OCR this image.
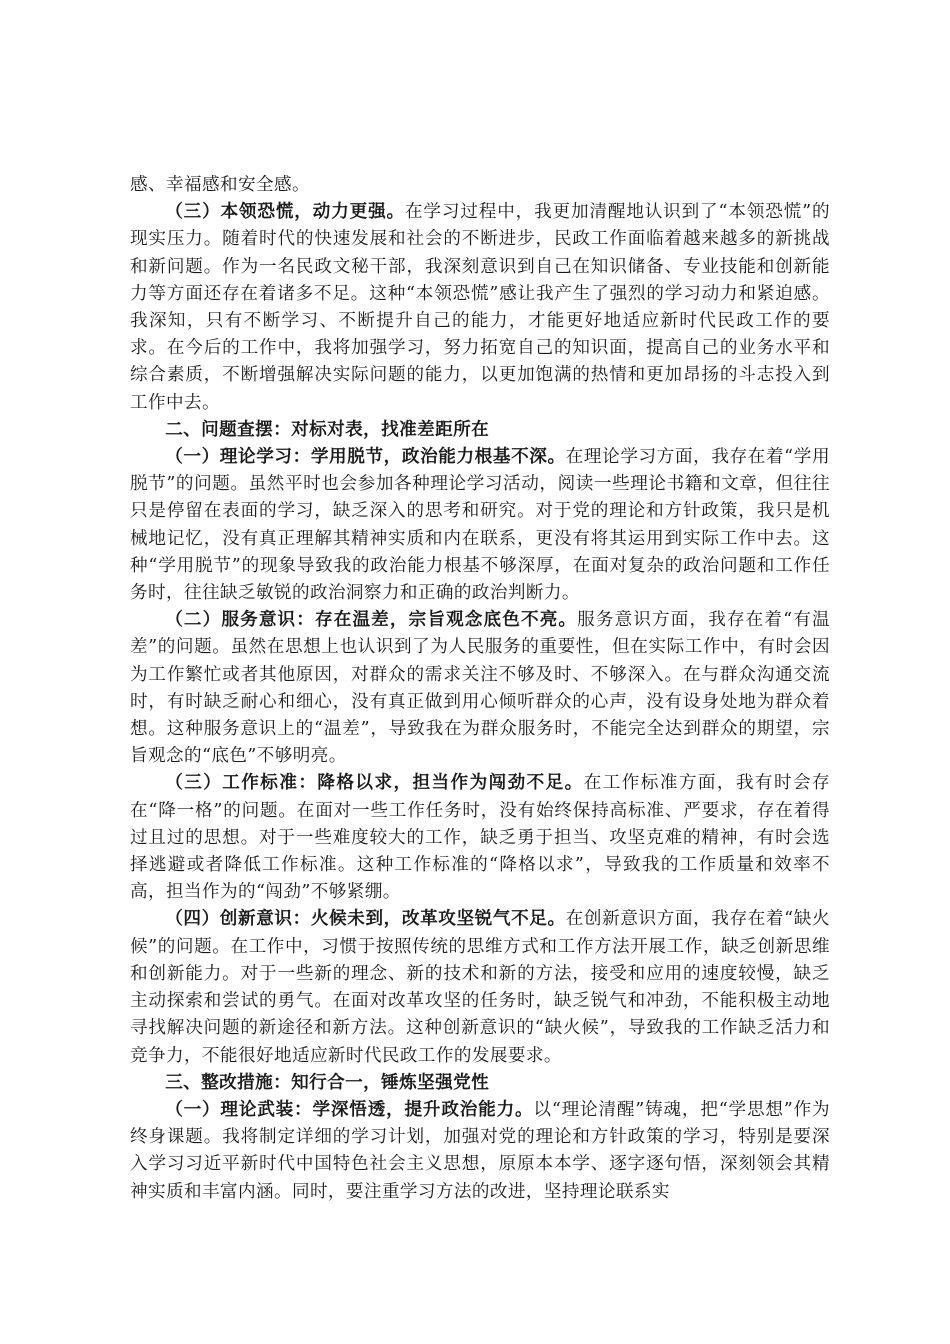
感、幸福感和安全感。

（三）本领恐慌，动力更强。在学习过程中，我更加清醒地认识到了“本领恐慌”的现实压力。随着时代的快速发展和社会的不断进步，民政工作面临着越来越多的新挑战和新问题。作为一名民政文秘干部，我深刻意识到自己在知识储备、专业技能和创新能力等方面还存在着诸多不足。这种“本领恐慌”感让我产生了强烈的学习动力和紧迫感。我深知，只有不断学习、不断提升自己的能力，才能更好地适应新时代民政工作的要求。在今后的工作中，我将加强学习，努力拓宽自己的知识面，提高自己的业务水平和综合素质，不断增强解决实际问题的能力，以更加饱满的热情和更加昂扬的斗志投入到工作中去。

二、问题查摆：对标对表，找准差距所在

（一）理论学习：学用脱节，政治能力根基不深。在理论学习方面，我存在着“学用脱节”的问题。虽然平时也会参加各种理论学习活动，阅读一些理论书籍和文章，但往往只是停留在表面的学习，缺乏深入的思考和研究。对于党的理论和方针政策，我只是机械地记忆，没有真正理解其精神实质和内在联系，更没有将其运用到实际工作中去。这种“学用脱节”的现象导致我的政治能力根基不够深厚，在面对复杂的政治问题和工作任务时，往往缺乏敏锐的政治洞察力和正确的政治判断力。

（二）服务意识：存在温差，宗旨观念底色不亮。服务意识方面，我存在着“有温差”的问题。虽然在思想上也认识到了为人民服务的重要性，但在实际工作中，有时会因为工作繁忙或者其他原因，对群众的需求关注不够及时、不够深入。在与群众沟通交流时，有时缺乏耐心和细心，没有真正做到用心倾听群众的心声，没有设身处地为群众着想。这种服务意识上的“温差”，导致我在为群众服务时，不能完全达到群众的期望，宗旨观念的“底色”不够明亮。

（三）工作标准：降格以求，担当作为闯劲不足。在工作标准方面，我有时会存在“降一格”的问题。在面对一些工作任务时，没有始终保持高标准、严要求，存在着得过且过的思想。对于一些难度较大的工作，缺乏勇于担当、攻坚克难的精神，有时会选择逃避或者降低工作标准。这种工作标准的“降格以求”，导致我的工作质量和效率不高，担当作为的“闯劲”不够紧绷。

（四）创新意识：火候未到，改革攻坚锐气不足。在创新意识方面，我存在着“缺火候”的问题。在工作中，习惯于按照传统的思维方式和工作方法开展工作，缺乏创新思维和创新能力。对于一些新的理念、新的技术和新的方法，接受和应用的速度较慢，缺乏主动探索和尝试的勇气。在面对改革攻坚的任务时，缺乏锐气和冲劲，不能积极主动地寻找解决问题的新途径和新方法。这种创新意识的“缺火候”，导致我的工作缺乏活力和竞争力，不能很好地适应新时代民政工作的发展要求。

三、整改措施：知行合一，锤炼坚强党性

（一）理论武装：学深悟透，提升政治能力。以“理论清醒”铸魂，把“学思想”作为终身课题。我将制定详细的学习计划，加强对党的理论和方针政策的学习，特别是要深入学习习近平新时代中国特色社会主义思想，原原本本学、逐字逐句悟，深刻领会其精神实质和丰富内涵。同时，要注重学习方法的改进，坚持理论联系实
